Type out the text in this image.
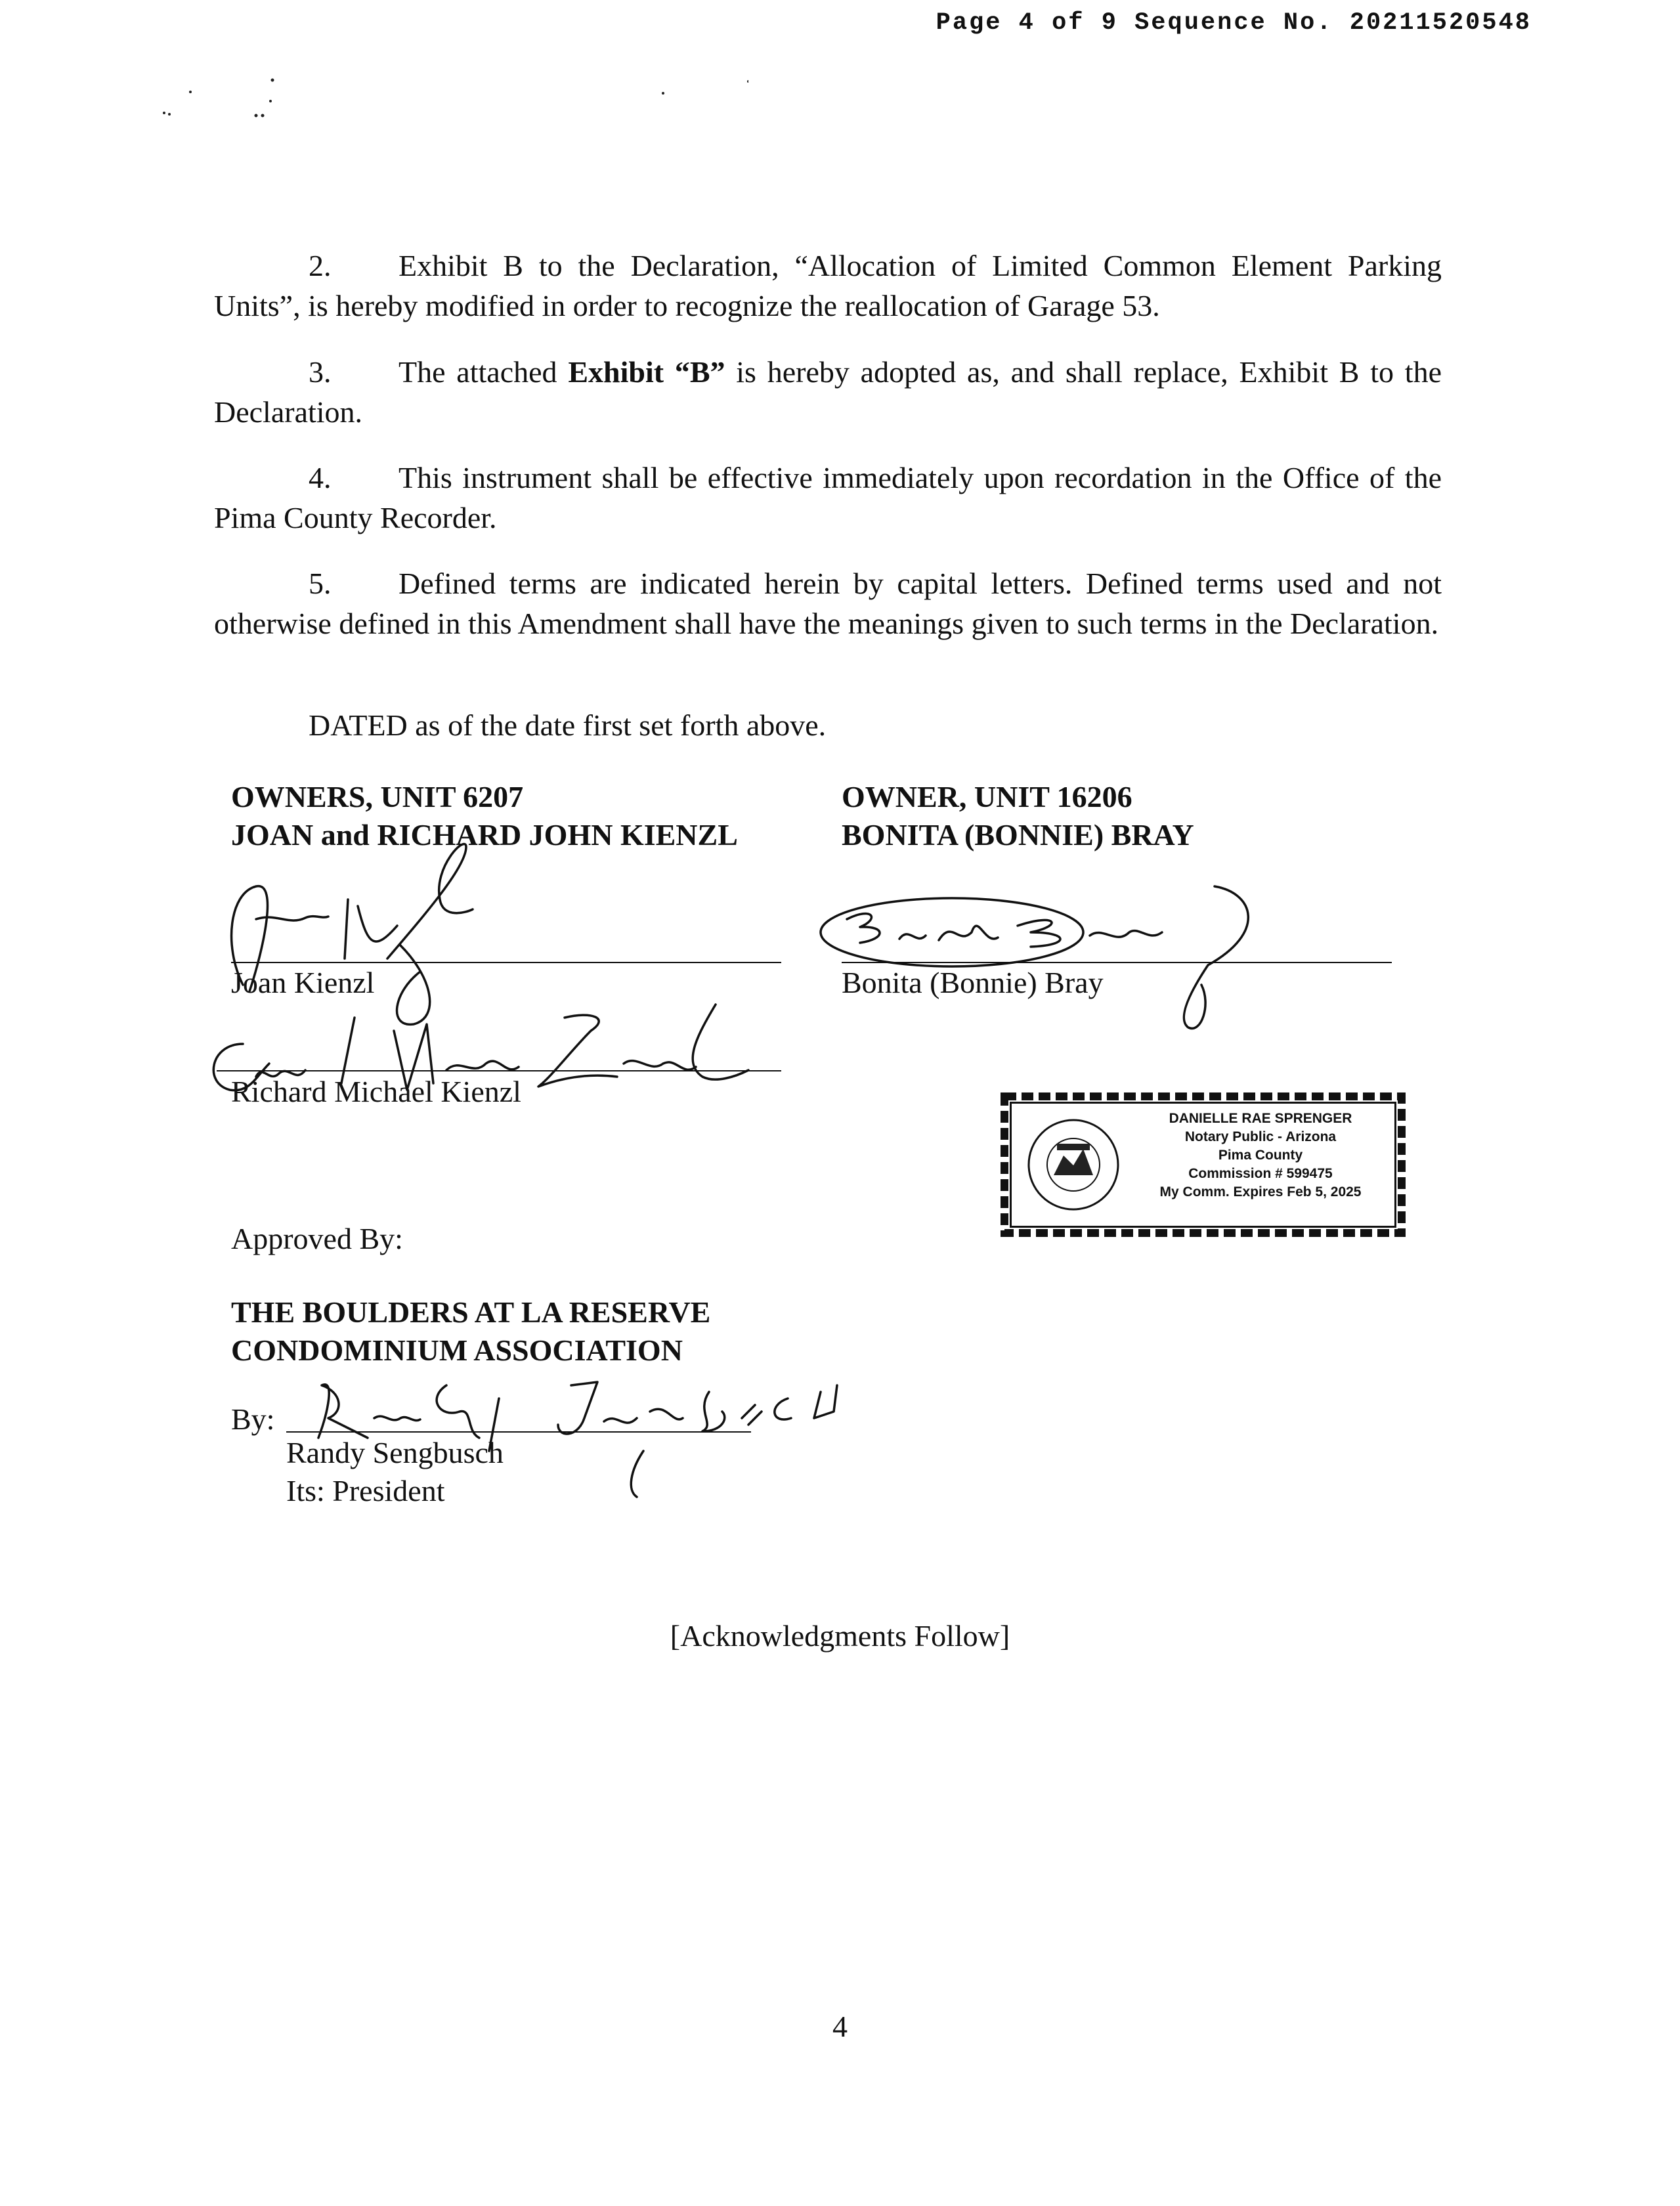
Page 4 of 9 Sequence No. 20211520548
2. Exhibit B to the Declaration, “Allocation of Limited Common Element Parking Units”, is hereby modified in order to recognize the reallocation of Garage 53.
3. The attached Exhibit “B” is hereby adopted as, and shall replace, Exhibit B to the Declaration.
4. This instrument shall be effective immediately upon recordation in the Office of the Pima County Recorder.
5. Defined terms are indicated herein by capital letters. Defined terms used and not otherwise defined in this Amendment shall have the meanings given to such terms in the Declaration.
DATED as of the date first set forth above.
OWNERS, UNIT 6207
JOAN and RICHARD JOHN KIENZL
OWNER, UNIT 16206
BONITA (BONNIE) BRAY
Joan Kienzl
Richard Michael Kienzl
Bonita (Bonnie) Bray
DANIELLE RAE SPRENGER
Notary Public - Arizona
Pima County
Commission # 599475
My Comm. Expires Feb 5, 2025
Approved By:
THE BOULDERS AT LA RESERVE
CONDOMINIUM ASSOCIATION
By:
Randy Sengbusch
Its: President
[Acknowledgments Follow]
4
